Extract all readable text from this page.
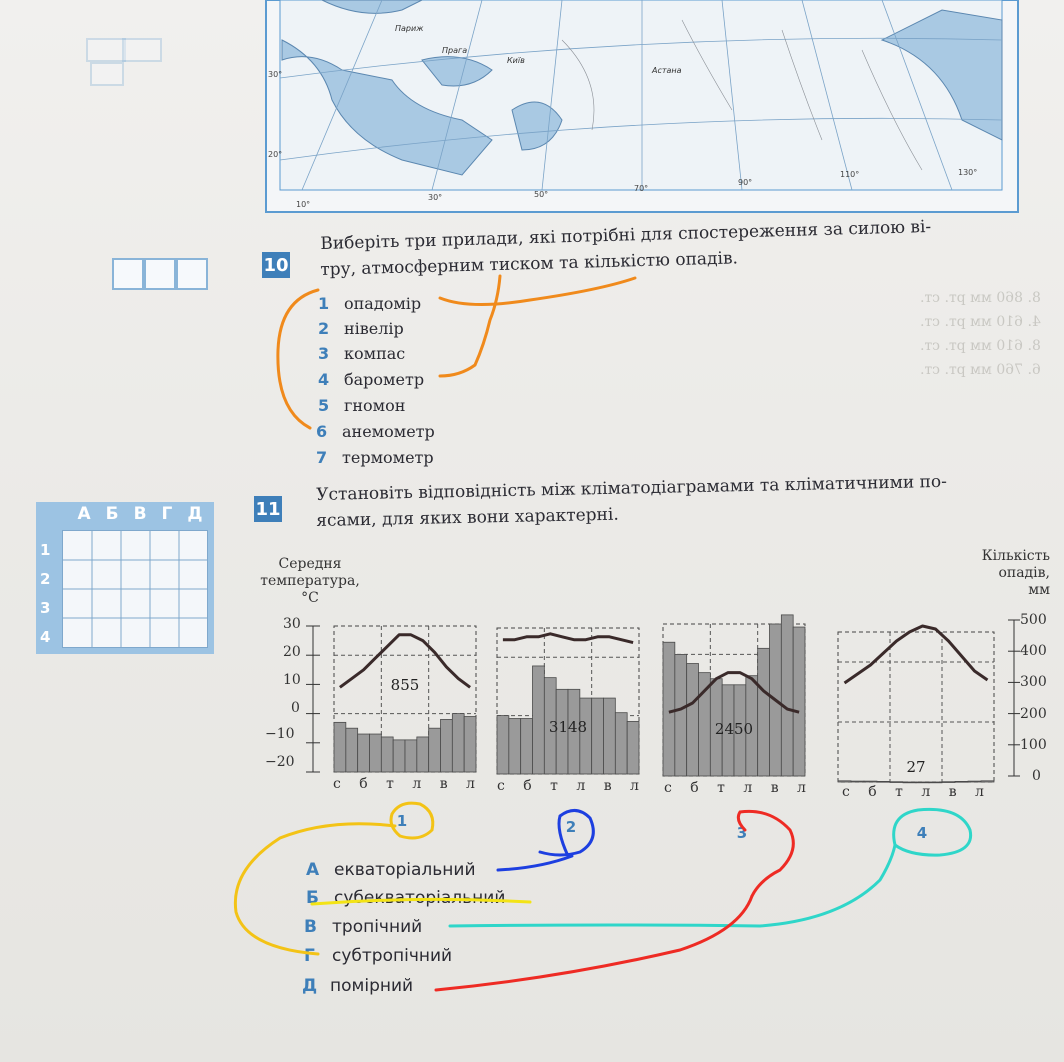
Париж
Прага
Київ
Астана
30°
20°
10°
30°	50°
70°
90°
110°	130°
10
Виберіть три прилади, які потрібні для спостереження за силою ві-
тру, атмосферним тиском та кількістю опадів.
1 опадомір
2 нівелір
3 компас
4 барометр
5 гномон
6 анемометр
7 термометр
8. 860 мм рт. ст.
4. 610 мм рт. ст.
8. 610 мм рт. ст.
6. 760 мм рт. ст.
А Б В Г Д
1
2
3
4
11
Установіть відповідність між кліматодіаграмами та кліматичними по-
ясами, для яких вони характерні.
Середня
температура,
°С
Кількість
опадів,
мм
30
20
10
0
−10
−20
500
400
300
200
100
0
с б т л в л с б т л в л с б т л в л с б т л в л
А екваторіальний
Б субекваторіальний
В тропічний
Г субтропічний
Д помірний
855
1
3148
2
2450
3
27
4
